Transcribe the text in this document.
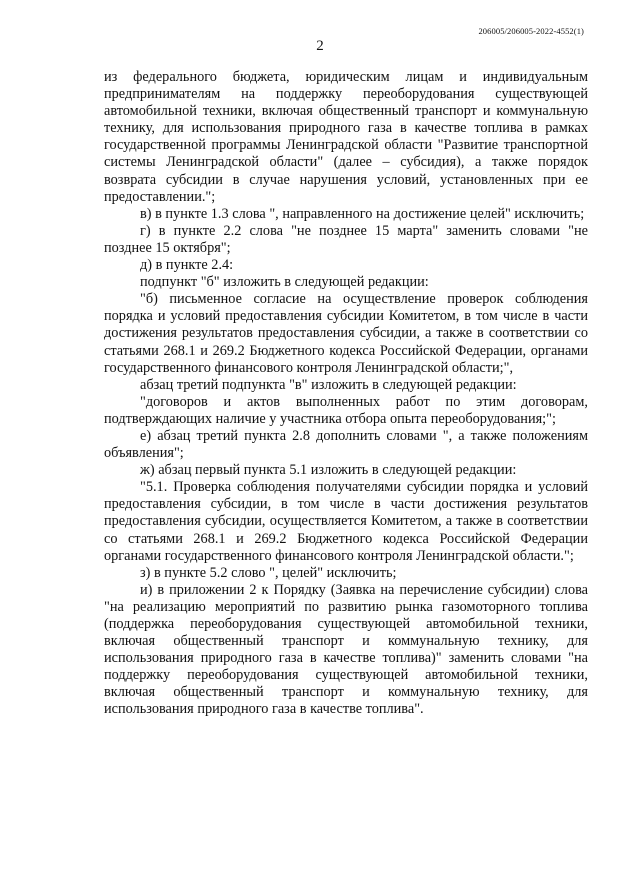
206005/206005-2022-4552(1)
2

из федерального бюджета, юридическим лицам и индивидуальным предпринимателям на поддержку переоборудования существующей автомобильной техники, включая общественный транспорт и коммунальную технику, для использования природного газа в качестве топлива в рамках государственной программы Ленинградской области "Развитие транспортной системы Ленинградской области" (далее – субсидия), а также порядок возврата субсидии в случае нарушения условий, установленных при ее предоставлении.";

в) в пункте 1.3 слова ", направленного на достижение целей" исключить;

г) в пункте 2.2 слова "не позднее 15 марта" заменить словами "не позднее 15 октября";

д) в пункте 2.4:

подпункт "б" изложить в следующей редакции:

"б) письменное согласие на осуществление проверок соблюдения порядка и условий предоставления субсидии Комитетом, в том числе в части достижения результатов предоставления субсидии, а также в соответствии со статьями 268.1 и 269.2 Бюджетного кодекса Российской Федерации, органами государственного финансового контроля Ленинградской области;",

абзац третий подпункта "в" изложить в следующей редакции:

"договоров и актов выполненных работ по этим договорам, подтверждающих наличие у участника отбора опыта переоборудования;";

е) абзац третий пункта 2.8 дополнить словами ", а также положениям объявления";

ж) абзац первый пункта 5.1 изложить в следующей редакции:

"5.1. Проверка соблюдения получателями субсидии порядка и условий предоставления субсидии, в том числе в части достижения результатов предоставления субсидии, осуществляется Комитетом, а также в соответствии со статьями 268.1 и 269.2 Бюджетного кодекса Российской Федерации органами государственного финансового контроля Ленинградской области.";

з) в пункте 5.2 слово ", целей" исключить;

и) в приложении 2 к Порядку (Заявка на перечисление субсидии) слова "на реализацию мероприятий по развитию рынка газомоторного топлива (поддержка переоборудования существующей автомобильной техники, включая общественный транспорт и коммунальную технику, для использования природного газа в качестве топлива)" заменить словами "на поддержку переоборудования существующей автомобильной техники, включая общественный транспорт и коммунальную технику, для использования природного газа в качестве топлива".
